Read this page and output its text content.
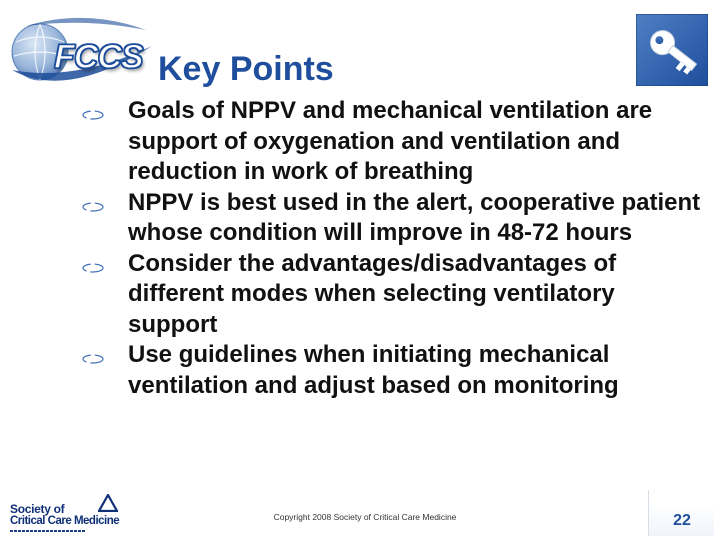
FCCS Key Points
Goals of NPPV and mechanical ventilation are support of oxygenation and ventilation and reduction in work of breathing
NPPV is best used in the alert, cooperative patient whose condition will improve in 48-72 hours
Consider the advantages/disadvantages of different modes when selecting ventilatory support
Use guidelines when initiating mechanical ventilation and adjust based on monitoring
Society of
Critical Care Medicine	Copyright 2008 Society of Critical Care Medicine	22
